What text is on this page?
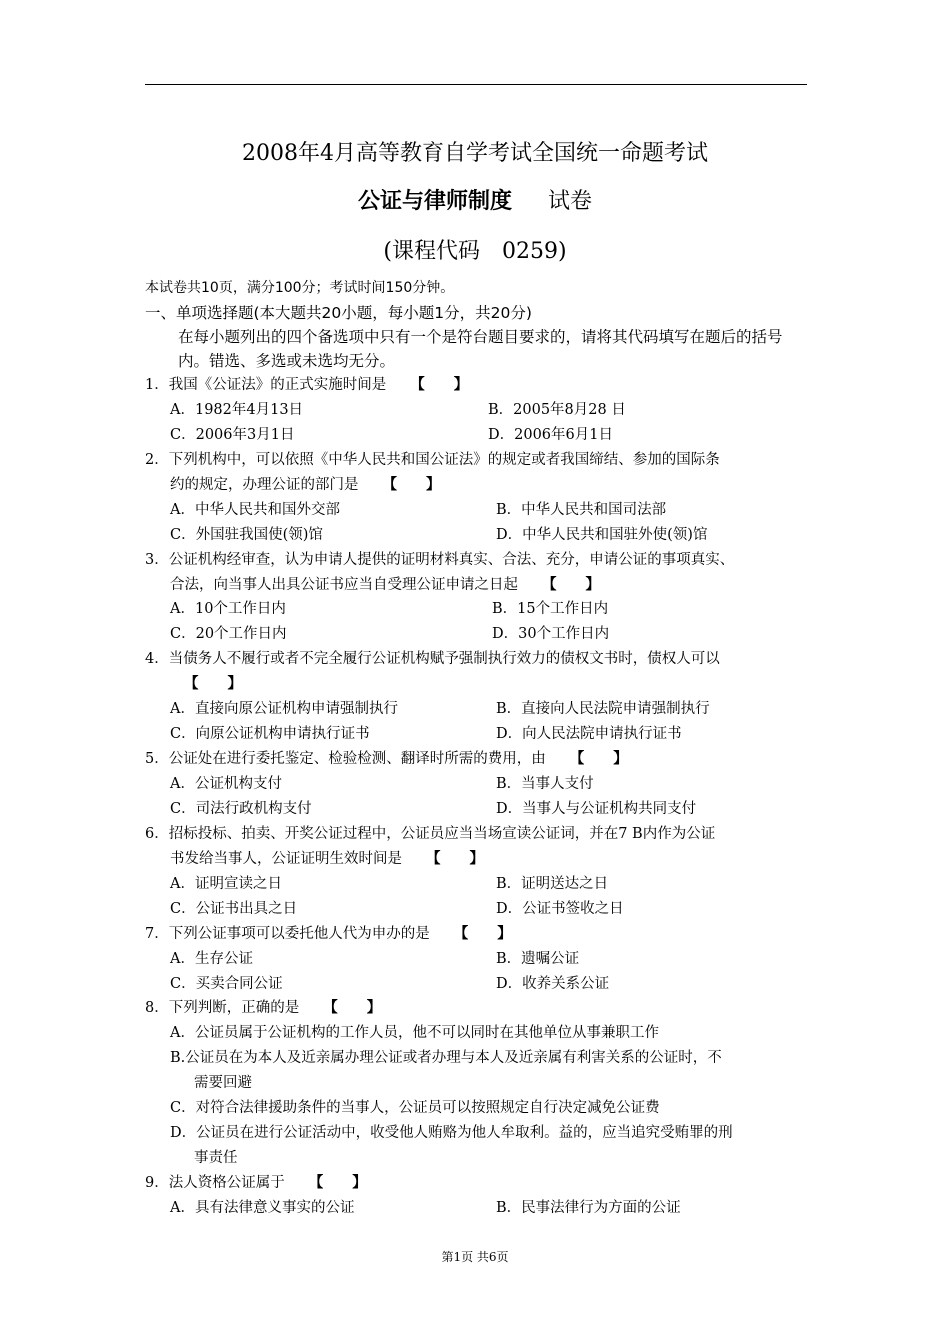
2008年4月高等教育自学考试全国统一命题考试
公证与律师制度 试卷
(课程代码　0259)
本试卷共10页，满分100分；考试时间150分钟。
一、单项选择题(本大题共20小题，每小题1分，共20分)
在每小题列出的四个备选项中只有一个是符台题目要求的，请将其代码填写在题后的括号内。错选、多选或未选均无分。
1．我国《公证法》的正式实施时间是 【　　】
A．1982年4月13日	B．2005年8月28 日
C．2006年3月1日	D．2006年6月1日
2．下列机构中，可以依照《中华人民共和国公证法》的规定或者我国缔结、参加的国际条
约的规定，办理公证的部门是 【　　】
A．中华人民共和国外交部	B．中华人民共和国司法部
C．外国驻我国使(领)馆	D．中华人民共和国驻外使(领)馆
3．公证机构经审查，认为申请人提供的证明材料真实、合法、充分，申请公证的事项真实、
合法，向当事人出具公证书应当自受理公证申请之日起 【　　】
A．10个工作日内	B．15个工作日内
C．20个工作日内	D．30个工作日内
4．当债务人不履行或者不完全履行公证机构赋予强制执行效力的债权文书时，债权人可以
【　　】
A．直接向原公证机构申请强制执行	B．直接向人民法院申请强制执行
C．向原公证机构申请执行证书	D．向人民法院申请执行证书
5．公证处在进行委托鉴定、检验检测、翻译时所需的费用，由 【　　】
A．公证机构支付	B．当事人支付
C．司法行政机构支付	D．当事人与公证机构共同支付
6．招标投标、拍卖、开奖公证过程中，公证员应当当场宣读公证词，并在7 B内作为公证
书发给当事人，公证证明生效时间是 【　　】
A．证明宣读之日	B．证明送达之日
C．公证书出具之日	D．公证书签收之日
7．下列公证事项可以委托他人代为申办的是 【　　】
A．生存公证	B．遗嘱公证
C．买卖合同公证	D．收养关系公证
8．下列判断，正确的是 【　　】
A．公证员属于公证机构的工作人员，他不可以同时在其他单位从事兼职工作
B.公证员在为本人及近亲属办理公证或者办理与本人及近亲属有利害关系的公证时，不
需要回避
C．对符合法律援助条件的当事人，公证员可以按照规定自行决定减免公证费
D．公证员在进行公证活动中，收受他人贿赂为他人牟取利。益的，应当追究受贿罪的刑
事责任
9．法人资格公证属于 【　　】
A．具有法律意义事实的公证	B．民事法律行为方面的公证
第1页 共6页
